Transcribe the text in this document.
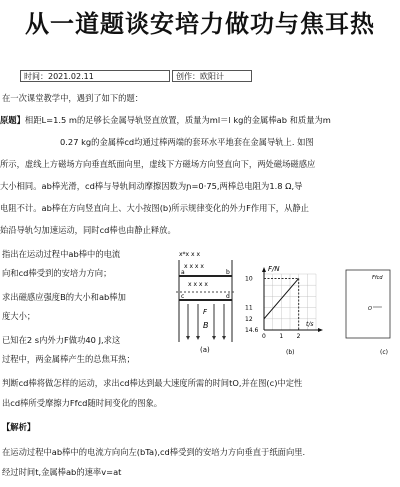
从一道题谈安培力做功与焦耳热
时间：2021.02.11	创作：欧阳计
在一次课堂教学中，遇到了如下的题：
原题】相距L=1.5 m的足够长金属导轨竖直放置，质量为ml＝l kg的金属棒ab 和质量为m
0.27 kg的金属棒cd均通过棒两端的套环水平地套在金属导轨上. 如图
所示，虚线上方磁场方向垂直纸面向里，虚线下方磁场方向竖直向下，两处磁场磁感应
大小相同。ab棒光滑，cd棒与导轨间动摩擦因数为ɲ=0·75,两棒总电阻为1.8 Ω,导
电阻不计。ab棒在方向竖直向上、大小按图(b)所示规律变化的外力F作用下，从静止
始沿导轨匀加速运动，同时cd棒也由静止释放。
指出在运动过程中ab棒中的电流
向和cd棒受到的安培力方向；
求出磁感应强度B的大小和ab棒加
度大小；
已知在2 s内外力F做功40 J,求这
过程中，两金属棒产生的总焦耳热；
判断cd棒将做怎样的运动，求出cd棒达到最大速度所需的时间tO,并在图(c)中定性
出cd棒所受摩擦力Ffcd随时间变化的图象。
【解析】
在运动过程中ab棒中的电流方向向左(bTa),cd棒受到的安培力方向垂直于纸面向里.
经过时间t,金属棒ab的速率v=at
x*x x x
x x x x
a	b
x x x x
c	d
B
F
(a)
F/N
t/s
14.6
12
11
10
0 1 2
(b)
Ffcd
O
(c)
